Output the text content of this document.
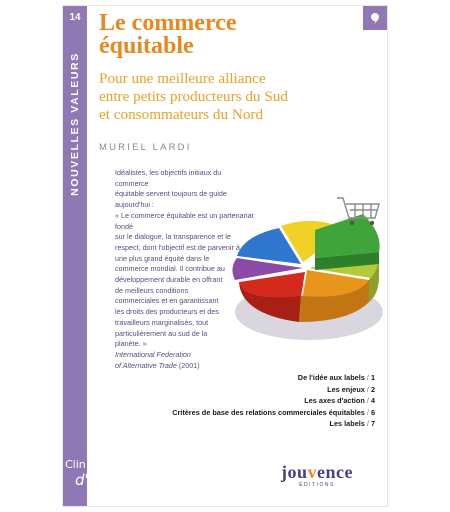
14
NOUVELLES VALEURS
Clin
d'œil
Le commerce
équitable

Pour une meilleure alliance
entre petits producteurs du Sud
et consommateurs du Nord

MURIEL LARDI
Idéalistes, les objectifs initiaux du commerce
équitable servent toujours de guide aujourd'hui :
« Le commerce équitable est un partenariat fondé
sur le dialogue, la transparence et le
respect, dont l'objectif est de parvenir à
une plus grand équité dans le
commerce mondial. Il contribue au
développement durable en offrant
de meilleurs conditions
commerciales et en garantissant
les droits des producteurs et des
travailleurs marginalisés, tout
particulièrement au sud de la
planète. »
International Federation
of Alternative Trade (2001)
De l'idée aux labels / 1
Les enjeux / 2
Les axes d'action / 4
Critères de base des relations commerciales équitables / 6
Les labels / 7
jouvence
ÉDITIONS
